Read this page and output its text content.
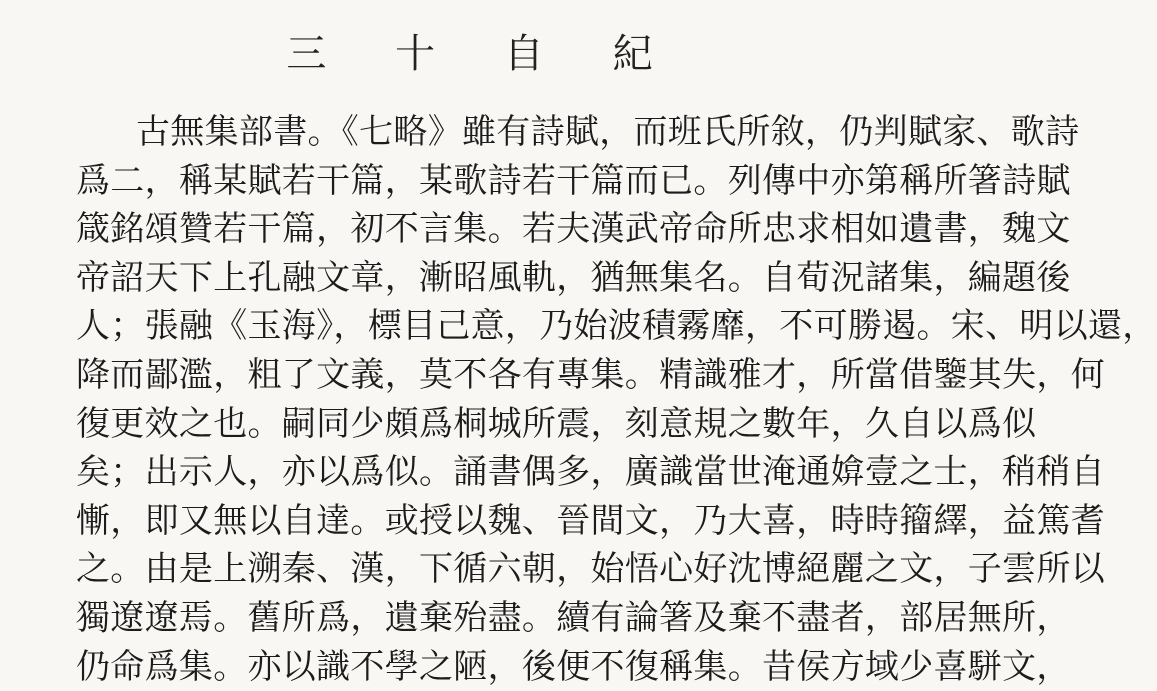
三 十 自 紀
古無集部書。《七略》雖有詩賦，而班氏所敘，仍判賦家、歌詩
爲二，稱某賦若干篇，某歌詩若干篇而已。列傳中亦第稱所箸詩賦
箴銘頌贊若干篇，初不言集。若夫漢武帝命所忠求相如遺書，魏文
帝詔天下上孔融文章，漸昭風軌，猶無集名。自荀況諸集，編題後
人；張融《玉海》，標目己意，乃始波積霧靡，不可勝遏。宋、明以還，
降而鄙濫，粗了文義，莫不各有專集。精識雅才，所當借鑒其失，何
復更效之也。嗣同少頗爲桐城所震，刻意規之數年，久自以爲似
矣；出示人，亦以爲似。誦書偶多，廣識當世淹通媕壹之士，稍稍自
慚，即又無以自達。或授以魏、晉間文，乃大喜，時時籀繹，益篤耆
之。由是上溯秦、漢，下循六朝，始悟心好沈博絕麗之文，子雲所以
獨遼遼焉。舊所爲，遺棄殆盡。續有論箸及棄不盡者，部居無所，
仍命爲集。亦以識不學之陋，後便不復稱集。昔侯方域少喜駢文，
